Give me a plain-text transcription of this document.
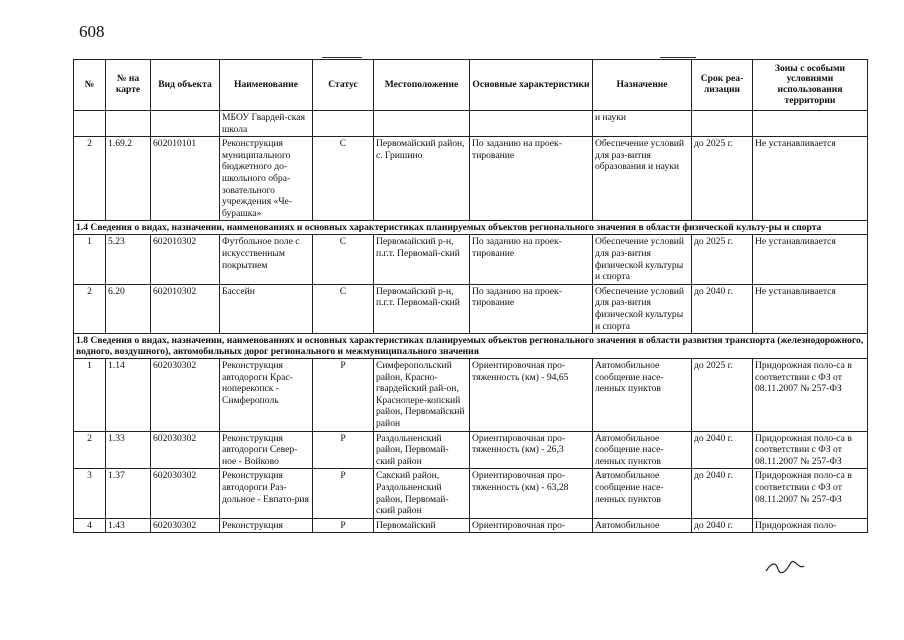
608
№	№ на карте	Вид объекта	Наименование	Статус	Местоположение	Основные характеристики	Назначение	Срок реа-лизации	Зоны с особыми условиями использования территории
			МБОУ Гвардей-ская школа				и науки		
2	1.69.2	602010101	Реконструкция муниципального бюджетного до-школьного обра-зовательного учреждения «Че-бурашка»	С	Первомайский район, с. Гришино	По заданию на проек-тирование	Обеспечение условий для раз-вития образования и науки	до 2025 г.	Не устанавливается
1.4 Сведения о видах, назначении, наименованиях и основных характеристиках планируемых объектов регионального значения в области физической культу-ры и спорта									
1	5.23	602010302	Футбольное поле с искусственным покрытием	С	Первомайский р-н, п.г.т. Первомай-ский	По заданию на проек-тирование	Обеспечение условий для раз-вития физической культуры и спорта	до 2025 г.	Не устанавливается
2	6.20	602010302	Бассейн	С	Первомайский р-н, п.г.т. Первомай-ский	По заданию на проек-тирование	Обеспечение условий для раз-вития физической культуры и спорта	до 2040 г.	Не устанавливается
1.8 Сведения о видах, назначении, наименованиях и основных характеристиках планируемых объектов регионального значения в области развития транспорта (железнодорожного, водного, воздушного), автомобильных дорог регионального и межмуниципального значения									
1	1.14	602030302	Реконструкция автодороги Крас-ноперекопск - Симферополь	Р	Симферопольский район, Красно-гвардейский рай-он, Красноπере-копский район, Первомайский район	Ориентировочная про-тяженность (км) - 94,65	Автомобильное сообщение насе-ленных пунктов	до 2025 г.	Придорожная поло-са в соответствии с ФЗ от 08.11.2007 № 257-ФЗ
2	1.33	602030302	Реконструкция автодороги Север-ное - Войково	Р	Раздольненский район, Первомай-ский район	Ориентировочная про-тяженность (км) - 26,3	Автомобильное сообщение насе-ленных пунктов	до 2040 г.	Придорожная поло-са в соответствии с ФЗ от 08.11.2007 № 257-ФЗ
3	1.37	602030302	Реконструкция автодороги Раз-дольное - Евпато-рия	Р	Сакский район, Раздольненский район, Первомай-ский район	Ориентировочная про-тяженность (км) - 63,28	Автомобильное сообщение насе-ленных пунктов	до 2040 г.	Придорожная поло-са в соответствии с ФЗ от 08.11.2007 № 257-ФЗ
4	1.43	602030302	Реконструкция	Р	Первомайский	Ориентировочная про-	Автомобильное	до 2040 г.	Придорожная поло-
